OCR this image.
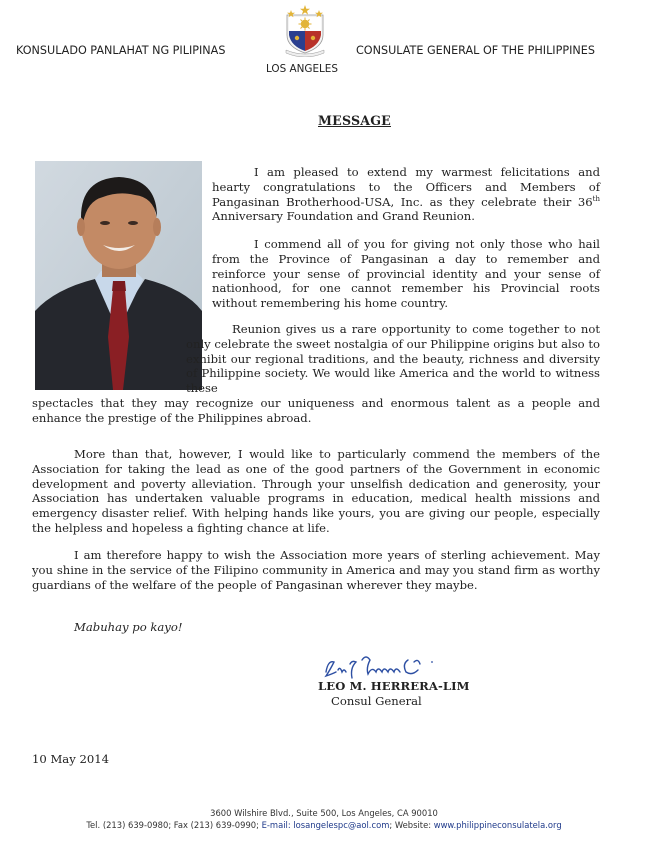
KONSULADO PANLAHAT NG PILIPINAS	CONSULATE GENERAL OF THE PHILIPPINES
LOS ANGELES
MESSAGE
I am pleased to extend my warmest felicitations and hearty congratulations to the Officers and Members of Pangasinan Brotherhood-USA, Inc. as they celebrate their 36th Anniversary Foundation and Grand Reunion.
I commend all of you for giving not only those who hail from the Province of Pangasinan a day to remember and reinforce your sense of provincial identity and your sense of nationhood, for one cannot remember his Provincial roots without remembering his home country.
Reunion gives us a rare opportunity to come together to not only celebrate the sweet nostalgia of our Philippine origins but also to exhibit our regional traditions, and the beauty, richness and diversity of Philippine society. We would like America and the world to witness these
spectacles that they may recognize our uniqueness and enormous talent as a people and enhance the prestige of the Philippines abroad.
More than that, however, I would like to particularly commend the members of the Association for taking the lead as one of the good partners of the Government in economic development and poverty alleviation. Through your unselfish dedication and generosity, your Association has undertaken valuable programs in education, medical health missions and emergency disaster relief. With helping hands like yours, you are giving our people, especially the helpless and hopeless a fighting chance at life.
I am therefore happy to wish the Association more years of sterling achievement. May you shine in the service of the Filipino community in America and may you stand firm as worthy guardians of the welfare of the people of Pangasinan wherever they maybe.
Mabuhay po kayo!
LEO M. HERRERA-LIM
Consul General
10 May 2014
3600 Wilshire Blvd., Suite 500, Los Angeles, CA 90010
Tel. (213) 639-0980; Fax (213) 639-0990; E-mail: losangelespc@aol.com; Website: www.philippineconsulatela.org
